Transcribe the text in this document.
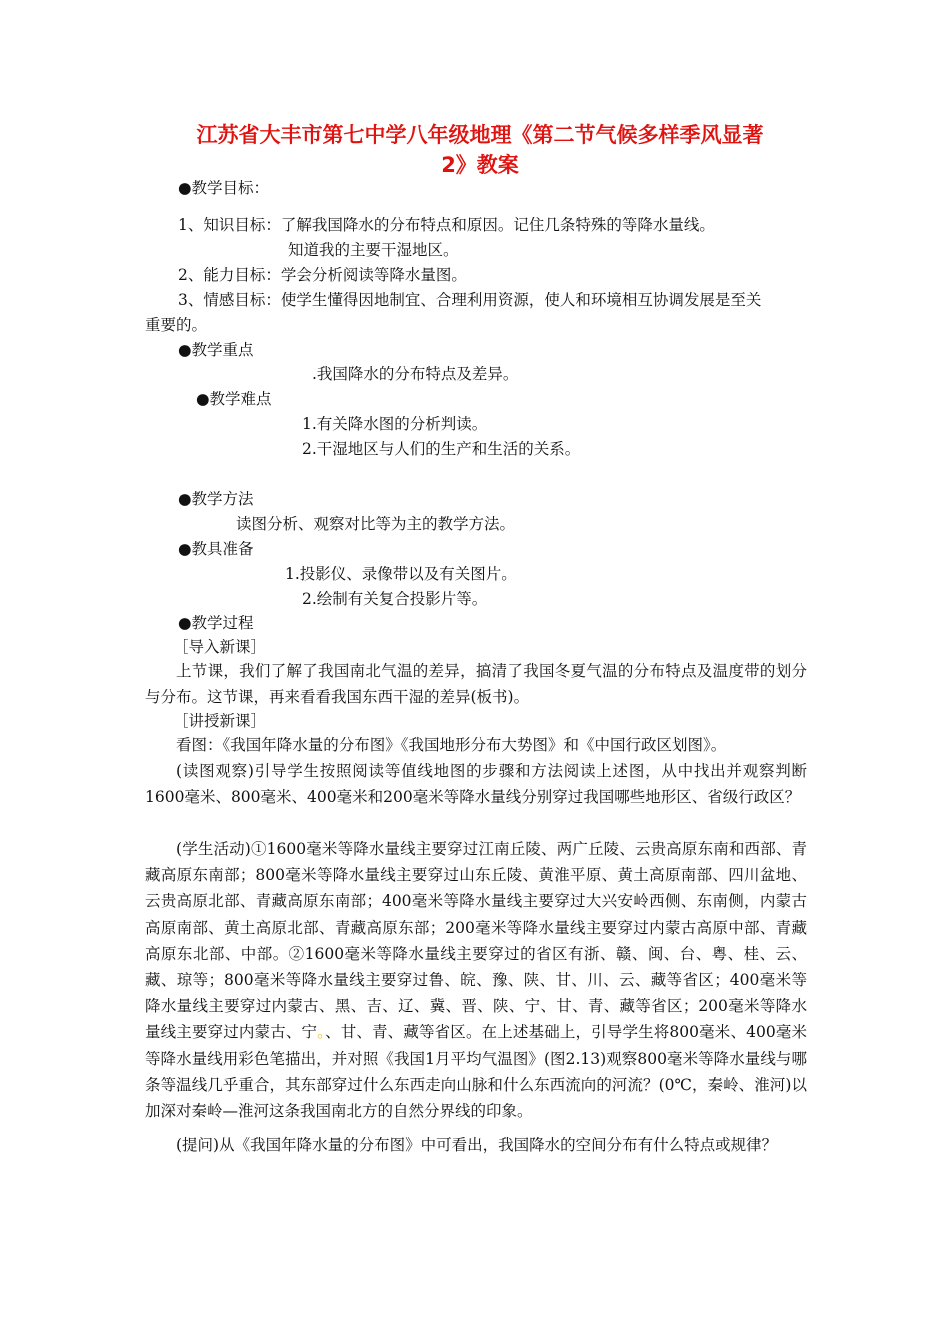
江苏省大丰市第七中学八年级地理《第二节气候多样季风显著
2》教案
●教学目标：
1、知识目标：了解我国降水的分布特点和原因。记住几条特殊的等降水量线。
知道我的主要干湿地区。
2、能力目标：学会分析阅读等降水量图。
3、情感目标：使学生懂得因地制宜、合理利用资源，使人和环境相互协调发展是至关
重要的。
●教学重点
.我国降水的分布特点及差异。
●教学难点
1.有关降水图的分析判读。
2.干湿地区与人们的生产和生活的关系。
●教学方法
读图分析、观察对比等为主的教学方法。
●教具准备
1.投影仪、录像带以及有关图片。
2.绘制有关复合投影片等。
●教学过程
［导入新课］
上节课，我们了解了我国南北气温的差异，搞清了我国冬夏气温的分布特点及温度带的划分与分布。这节课，再来看看我国东西干湿的差异(板书)。
［讲授新课］
看图：《我国年降水量的分布图》《我国地形分布大势图》和《中国行政区划图》。
(读图观察)引导学生按照阅读等值线地图的步骤和方法阅读上述图，从中找出并观察判断1600毫米、800毫米、400毫米和200毫米等降水量线分别穿过我国哪些地形区、省级行政区？
(学生活动)①1600毫米等降水量线主要穿过江南丘陵、两广丘陵、云贵高原东南和西部、青藏高原东南部；800毫米等降水量线主要穿过山东丘陵、黄淮平原、黄土高原南部、四川盆地、云贵高原北部、青藏高原东南部；400毫米等降水量线主要穿过大兴安岭西侧、东南侧，内蒙古高原南部、黄土高原北部、青藏高原东部；200毫米等降水量线主要穿过内蒙古高原中部、青藏高原东北部、中部。②1600毫米等降水量线主要穿过的省区有浙、赣、闽、台、粤、桂、云、藏、琼等；800毫米等降水量线主要穿过鲁、皖、豫、陕、甘、川、云、藏等省区；400毫米等降水量线主要穿过内蒙古、黑、吉、辽、冀、晋、陕、宁、甘、青、藏等省区；200毫米等降水量线主要穿过内蒙古、宁。、甘、青、藏等省区。在上述基础上，引导学生将800毫米、400毫米等降水量线用彩色笔描出，并对照《我国1月平均气温图》(图2.13)观察800毫米等降水量线与哪条等温线几乎重合，其东部穿过什么东西走向山脉和什么东西流向的河流？(0℃，秦岭、淮河)以加深对秦岭—淮河这条我国南北方的自然分界线的印象。
(提问)从《我国年降水量的分布图》中可看出，我国降水的空间分布有什么特点或规律？
